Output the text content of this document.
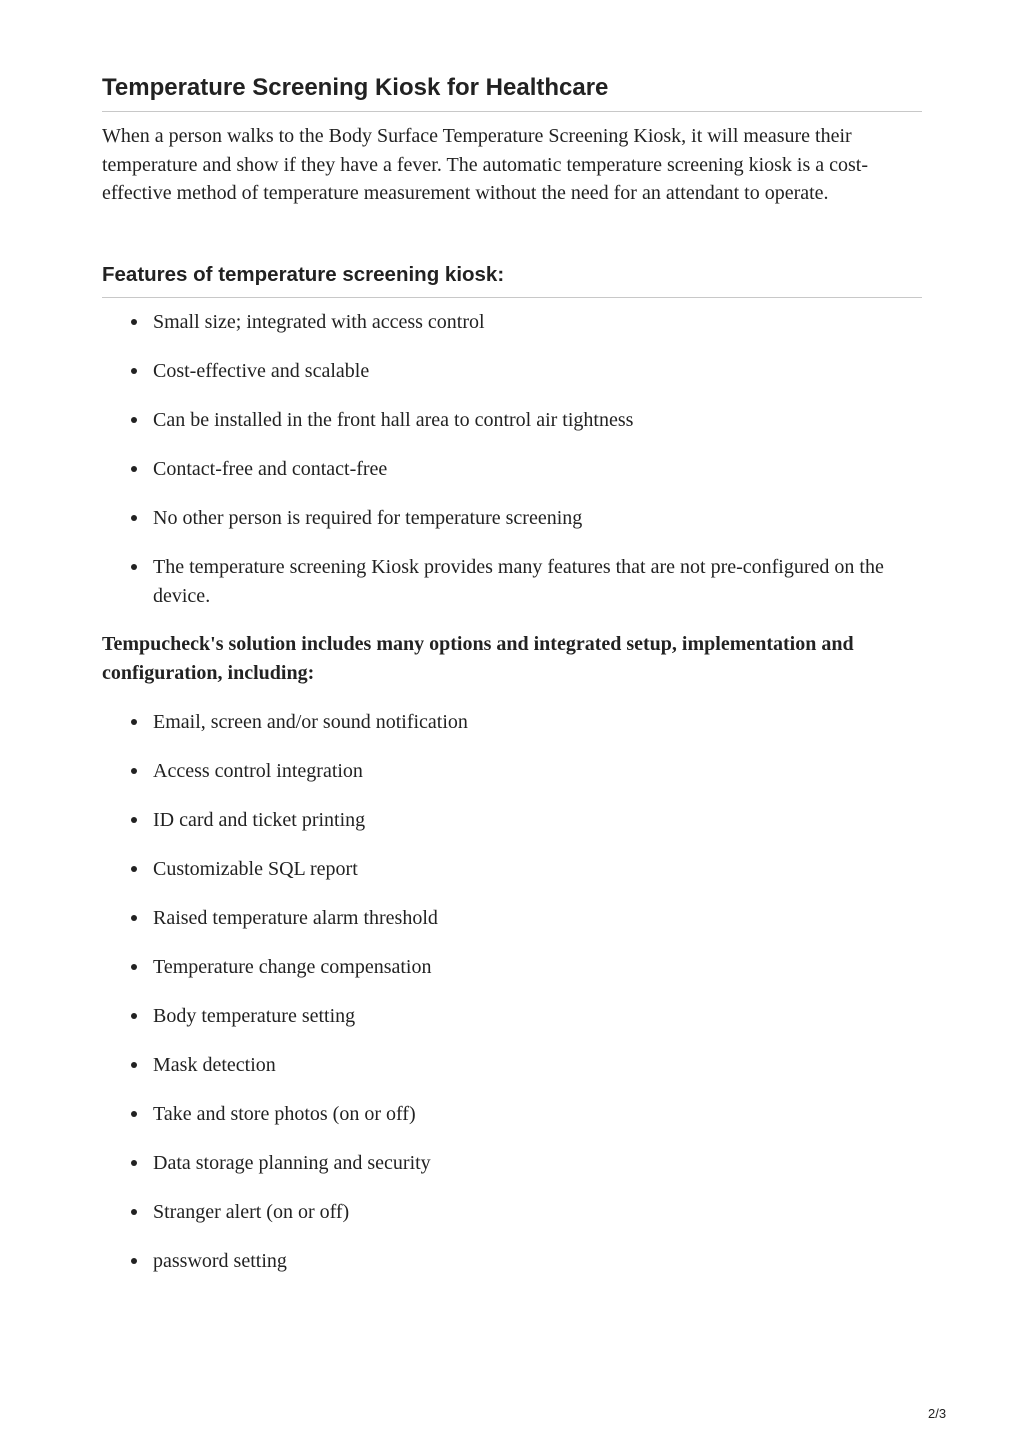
Temperature Screening Kiosk for Healthcare

When a person walks to the Body Surface Temperature Screening Kiosk, it will measure their temperature and show if they have a fever. The automatic temperature screening kiosk is a cost-effective method of temperature measurement without the need for an attendant to operate.

Features of temperature screening kiosk:
Small size; integrated with access control
Cost-effective and scalable
Can be installed in the front hall area to control air tightness
Contact-free and contact-free
No other person is required for temperature screening
The temperature screening Kiosk provides many features that are not pre-configured on the device.

Tempucheck's solution includes many options and integrated setup, implementation and configuration, including:

Email, screen and/or sound notification
Access control integration
ID card and ticket printing
Customizable SQL report
Raised temperature alarm threshold
Temperature change compensation
Body temperature setting
Mask detection
Take and store photos (on or off)
Data storage planning and security
Stranger alert (on or off)
password setting
2/3
